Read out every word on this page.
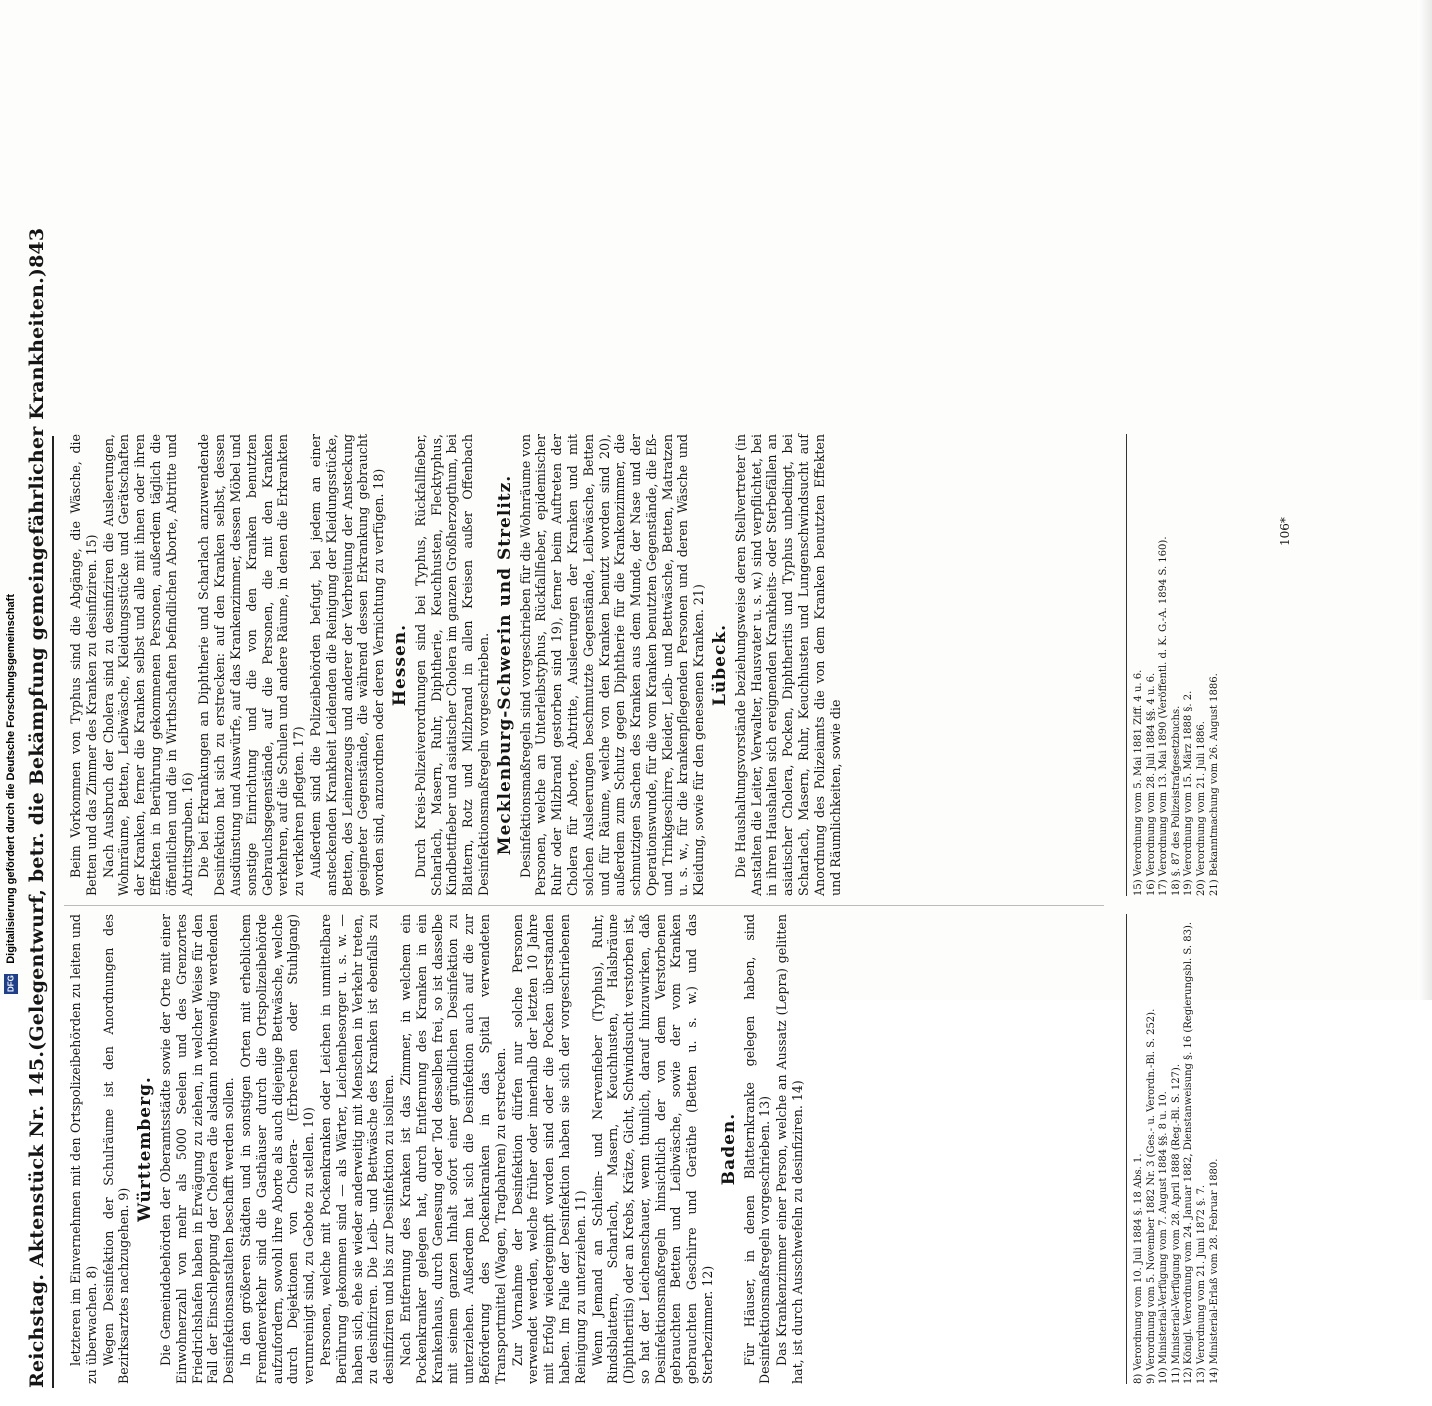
Digitalisierung gefördert durch die Deutsche Forschungsgemeinschaft
DFG
Reichstag. Aktenstück Nr. 145.
(Gelegentwurf, betr. die Bekämpfung gemeingefährlicher Krankheiten.)
843

letzteren im Einvernehmen mit den Ortspolizeibehörden zu leiten und zu überwachen. 8) Wegen Desinfektion der Schulräume ist den Anordnungen des Bezirksarztes nachzugehen. 9)

Württemberg. Die Gemeindebehörden der Oberamtsstädte sowie der Orte mit einer Einwohnerzahl von mehr als 5000 Seelen und des Grenzortes Friedrichshafen haben in Erwägung zu ziehen, in welcher Weise für den Fall der Einschleppung der Cholera die alsdann nothwendig werdenden Desinfektionsanstalten beschafft werden sollen. In den größeren Städten und in sonstigen Orten mit erheblichem Fremdenverkehr sind die Gasthäuser durch die Ortspolizeibehörde aufzufordern, sowohl ihre Aborte als auch diejenige Bettwäsche, welche durch Dejektionen von Cholera- (Erbrechen oder Stuhlgang) verunreinigt sind, zu Gebote zu stellen. 10) Personen, welche mit Pockenkranken oder Leichen in unmittelbare Berührung gekommen sind — als Wärter, Leichenbesorger u. s. w. — haben sich, ehe sie wieder anderweitig mit Menschen in Verkehr treten, zu desinfiziren. Die Leib- und Bettwäsche des Kranken ist ebenfalls zu desinfiziren und bis zur Desinfektion zu isoliren. Nach Entfernung des Kranken ist das Zimmer, in welchem ein Pockenkranker gelegen hat, durch Entfernung des Kranken in ein Krankenhaus, durch Genesung oder Tod desselben frei, so ist dasselbe mit seinem ganzen Inhalt sofort einer gründlichen Desinfektion zu unterziehen. Außerdem hat sich die Desinfektion auch auf die zur Beförderung des Pockenkranken in das Spital verwendeten Transportmittel (Wagen, Tragbahren) zu erstrecken. Zur Vornahme der Desinfektion dürfen nur solche Personen verwendet werden, welche früher oder innerhalb der letzten 10 Jahre mit Erfolg wiedergeimpft worden sind oder die Pocken überstanden haben. Im Falle der Desinfektion haben sie sich der vorgeschriebenen Reinigung zu unterziehen. 11) Wenn Jemand an Schleim- und Nervenfieber (Typhus), Ruhr, Rindsblattern, Scharlach, Masern, Keuchhusten, Halsbräune (Diphtheritis) oder an Krebs, Krätze, Gicht, Schwindsucht verstorben ist, so hat der Leichenschauer, wenn thunlich, darauf hinzuwirken, daß Desinfektionsmaßregeln hinsichtlich der von dem Verstorbenen gebrauchten Betten und Leibwäsche, sowie der vom Kranken gebrauchten Geschirre und Geräthe (Betten u. s. w.) und das Sterbezimmer. 12)

Baden. Für Häuser, in denen Blatternkranke gelegen haben, sind Desinfektionsmaßregeln vorgeschrieben. 13) Das Krankenzimmer einer Person, welche an Aussatz (Lepra) gelitten hat, ist durch Ausschwefeln zu desinfiziren. 14)

Beim Vorkommen von Typhus sind die Abgänge, die Wäsche, die Betten und das Zimmer des Kranken zu desinfiziren. 15) Nach Ausbruch der Cholera sind zu desinfiziren die Ausleerungen, Wohnräume, Betten, Leibwäsche, Kleidungsstücke und Gerätschaften der Kranken, ferner die Kranken selbst und alle mit ihnen oder ihren Effekten in Berührung gekommenen Personen, außerdem täglich die öffentlichen und die in Wirthschaften befindlichen Aborte, Abtritte und Abtrittsgruben. 16) Die bei Erkrankungen an Diphtherie und Scharlach anzuwendende Desinfektion hat sich zu erstrecken: auf den Kranken selbst, dessen Ausdünstung und Auswürfe, auf das Krankenzimmer, dessen Möbel und sonstige Einrichtung und die von den Kranken benutzten Gebrauchsgegenstände, auf die Personen, die mit den Kranken verkehren, auf die Schulen und andere Räume, in denen die Erkrankten zu verkehren pflegten. 17) Außerdem sind die Polizeibehörden befugt, bei jedem an einer ansteckenden Krankheit Leidenden die Reinigung der Kleidungsstücke, Betten, des Leinenzeugs und anderer der Verbreitung der Ansteckung geeigneter Gegenstände, die während dessen Erkrankung gebraucht worden sind, anzuordnen oder deren Vernichtung zu verfügen. 18) Hessen. Durch Kreis-Polizeiverordnungen sind bei Typhus, Rückfallfieber, Scharlach, Masern, Ruhr, Diphtherie, Keuchhusten, Flecktyphus, Kindbettfieber und asiatischer Cholera im ganzen Großherzogthum, bei Blattern, Rotz und Milzbrand in allen Kreisen außer Offenbach Desinfektionsmaßregeln vorgeschrieben. Mecklenburg-Schwerin und Strelitz. Desinfektionsmaßregeln sind vorgeschrieben für die Wohnräume von Personen, welche an Unterleibstyphus, Rückfallfieber, epidemischer Ruhr oder Milzbrand gestorben sind 19), ferner beim Auftreten der Cholera für Aborte, Abtritte, Ausleerungen der Kranken und mit solchen Ausleerungen beschmutzte Gegenstände, Leibwäsche, Betten und für Räume, welche von den Kranken benutzt worden sind 20), außerdem zum Schutz gegen Diphtherie für die Krankenzimmer, die schmutzigen Sachen des Kranken aus dem Munde, der Nase und der Operationswunde, für die vom Kranken benutzten Gegenstände, die Eß- und Trinkgeschirre, Kleider, Leib- und Bettwäsche, Betten, Matratzen u. s. w., für die krankenpflegenden Personen und deren Wäsche und Kleidung, sowie für den genesenen Kranken. 21) Lübeck. Die Haushaltungsvorstände beziehungsweise deren Stellvertreter (in Anstalten die Leiter, Verwalter, Hausvater u. s. w.) sind verpflichtet, bei in ihren Haushalten sich ereignenden Krankheits- oder Sterbefällen an asiatischer Cholera, Pocken, Diphtheritis und Typhus unbedingt, bei Scharlach, Masern, Ruhr, Keuchhusten und Lungenschwindsucht auf Anordnung des Polizeiamts die von dem Kranken benutzten Effekten und Räumlichkeiten, sowie die

8) Verordnung vom 10. Juli 1884 §. 18 Abs. 1. 9) Verordnung vom 5. November 1882 Nr. 3 (Ges.- u. Verordn.-Bl. S. 252). 10) Ministerial-Verfügung vom 7. August 1884 §§. 8 u. 10. 11) Ministerial-Verfügung vom 28. April 1888 (Reg.-Bl. S. 127). 12) Königl. Verordnung vom 24. Januar 1882, Dienstanweisung §. 16 (Regierungsbl. S. 83). 13) Verordnung vom 21. Juni 1872 §. 7. 14) Ministerial-Erlaß vom 28. Februar 1880.
15) Verordnung vom 5. Mai 1881 Ziff. 4 u. 6. 16) Verordnung vom 28. Juli 1884 §§. 4 u. 6. 17) Verordnung vom 13. Mai 1890 (Veröffentl. d. K. G.-A. 1894 S. 160). 18) §. 87 des Polizeistrafgesetzbuchs. 19) Verordnung vom 15. März 1888 §. 2. 20) Verordnung vom 21. Juli 1886. 21) Bekanntmachung vom 26. August 1886.
106*
